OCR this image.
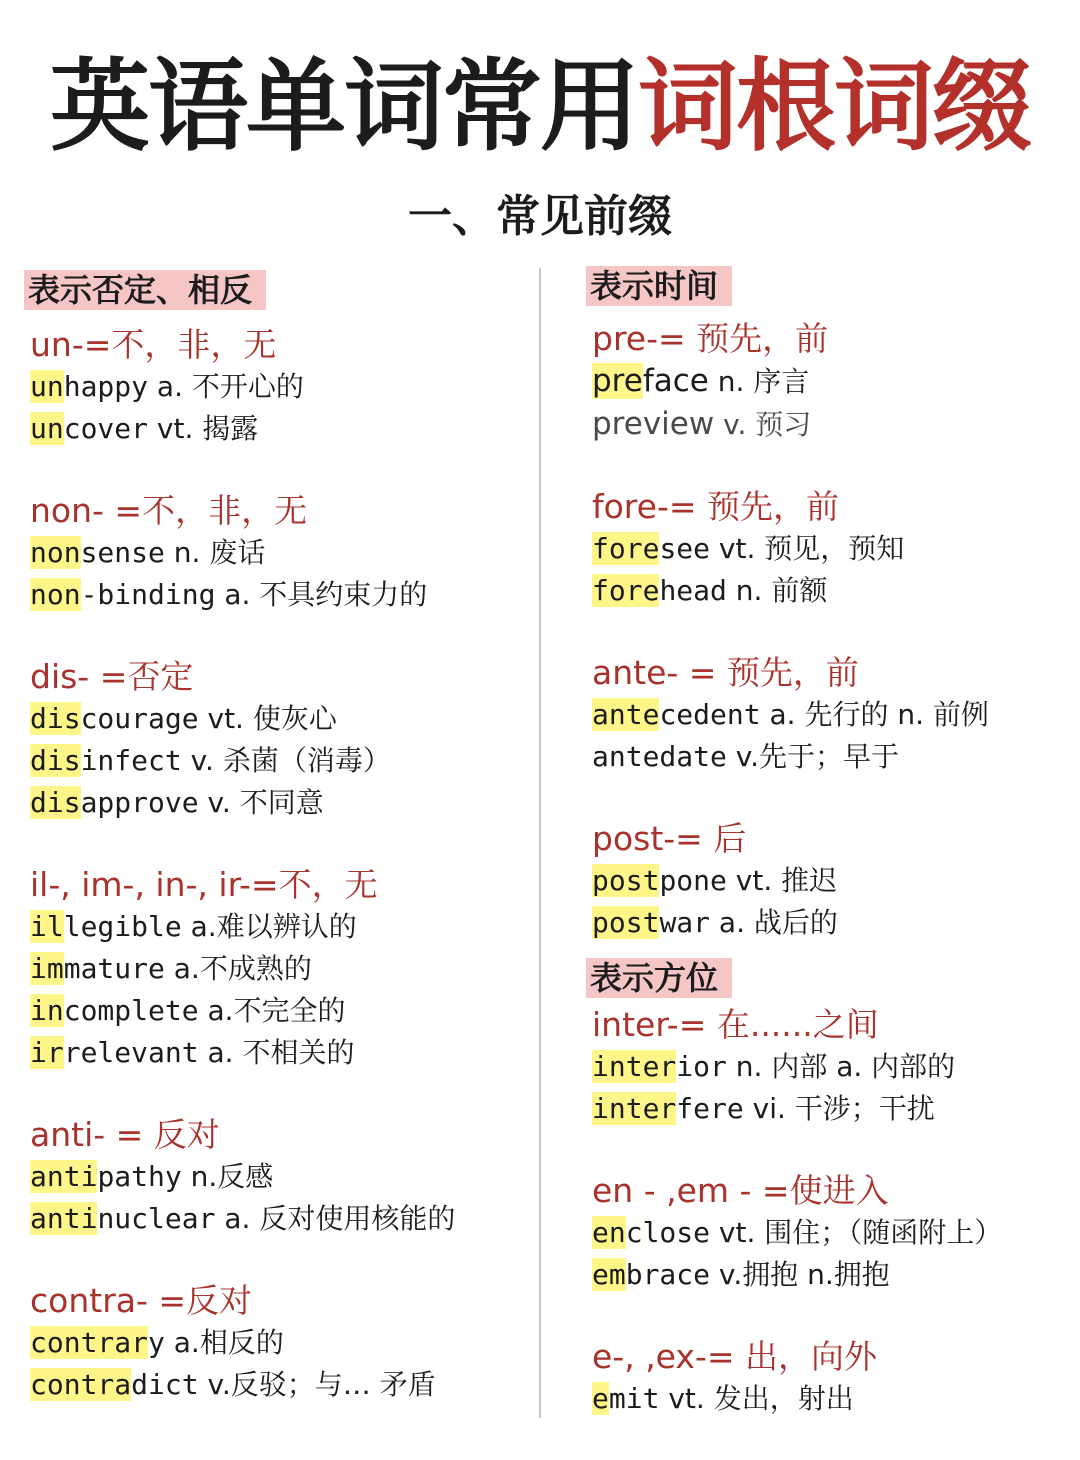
英语单词常用词根词缀
一、常见前缀
表示否定、相反
un-=不，非，无
unhappy a. 不开心的
uncover vt. 揭露
non- =不，非，无
nonsense n. 废话
non-binding a. 不具约束力的
dis- =否定
discourage vt. 使灰心
disinfect v. 杀菌（消毒）
disapprove v. 不同意
il-, im-, in-, ir-=不，无
illegible a.难以辨认的
immature a.不成熟的
incomplete a.不完全的
irrelevant a. 不相关的
anti- = 反对
antipathy n.反感
antinuclear a. 反对使用核能的
contra- =反对
contrary a.相反的
contradict v.反驳；与… 矛盾
表示时间
pre-= 预先，前
preface n. 序言
preview v. 预习
fore-= 预先，前
foresee vt. 预见，预知
forehead n. 前额
ante- = 预先，前
antecedent a. 先行的 n. 前例
antedate v.先于；早于
post-= 后
postpone vt. 推迟
postwar a. 战后的
表示方位
inter-= 在......之间
interior n. 内部 a. 内部的
interfere vi. 干涉；干扰
en - ,em - =使进入
enclose vt. 围住；（随函附上）
embrace v.拥抱 n.拥抱
e-, ,ex-= 出，向外
emit vt. 发出，射出
